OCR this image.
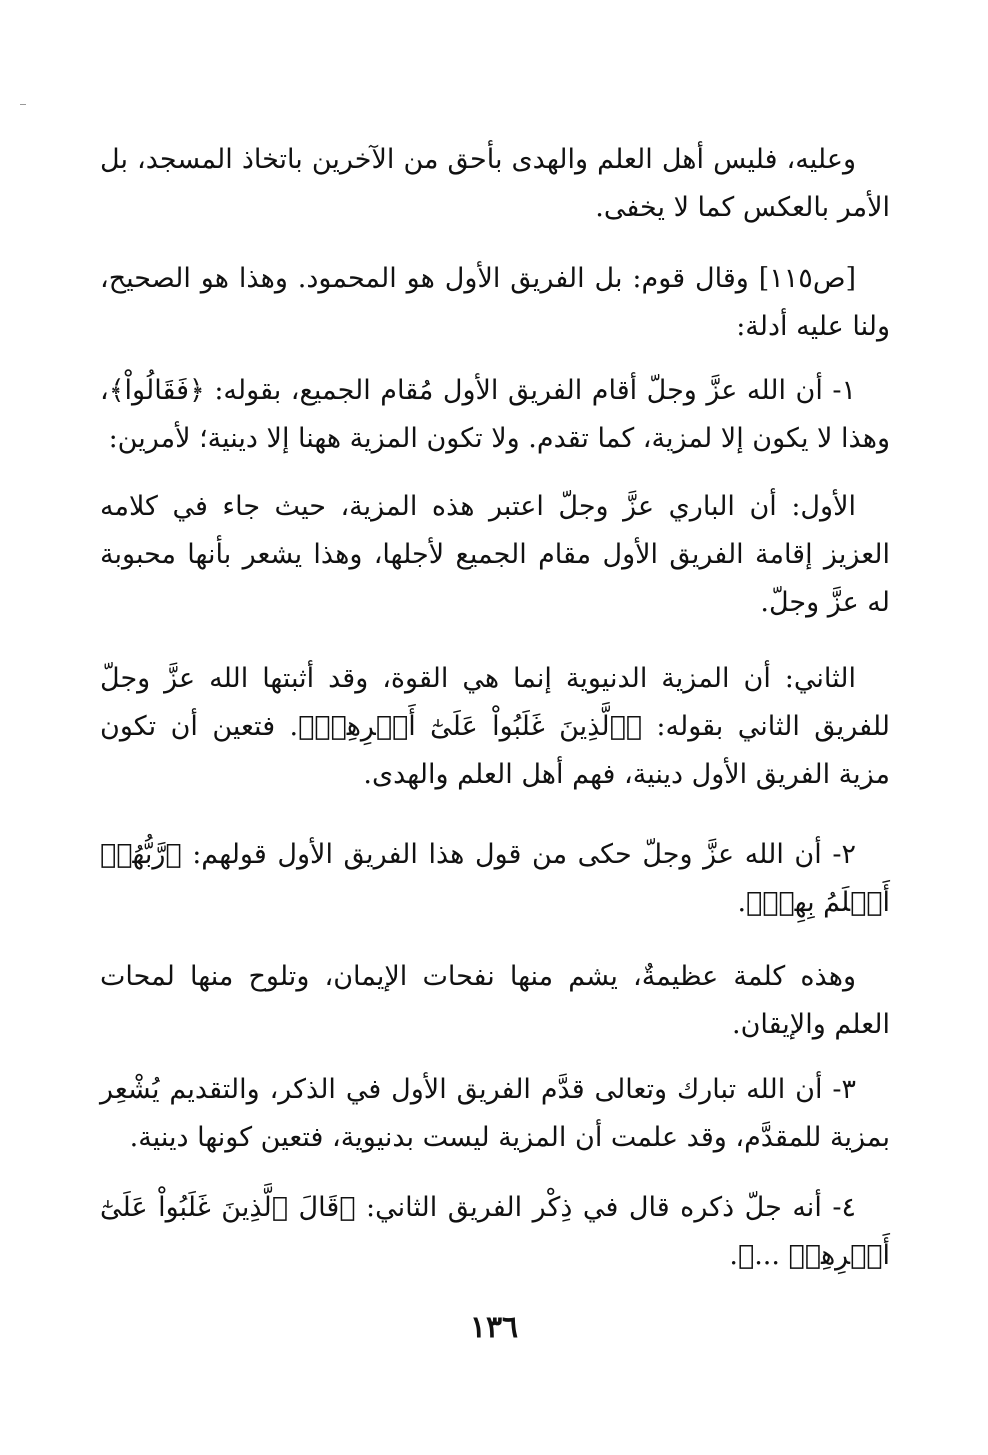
وعليه، فليس أهل العلم والهدى بأحق من الآخرين باتخاذ المسجد، بل الأمر بالعكس كما لا يخفى.

[ص١١٥] وقال قوم: بل الفريق الأول هو المحمود. وهذا هو الصحيح، ولنا عليه أدلة:

١- أن الله عزَّ وجلّ أقام الفريق الأول مُقام الجميع، بقوله: ﴿فَقَالُواْ﴾، وهذا لا يكون إلا لمزية، كما تقدم. ولا تكون المزية ههنا إلا دينية؛ لأمرين:

الأول: أن الباري عزَّ وجلّ اعتبر هذه المزية، حيث جاء في كلامه العزيز إقامة الفريق الأول مقام الجميع لأجلها، وهذا يشعر بأنها محبوبة له عزَّ وجلّ.

الثاني: أن المزية الدنيوية إنما هي القوة، وقد أثبتها الله عزَّ وجلّ للفريق الثاني بقوله: ﴿ٱلَّذِينَ غَلَبُواْ عَلَىٰٓ أَمۡرِهِمۡ﴾. فتعين أن تكون مزية الفريق الأول دينية، فهم أهل العلم والهدى.

٢- أن الله عزَّ وجلّ حكى من قول هذا الفريق الأول قولهم: ﴿رَّبُّهُمۡ أَعۡلَمُ بِهِمۡ﴾.

وهذه كلمة عظيمةٌ، يشم منها نفحات الإيمان، وتلوح منها لمحات العلم والإيقان.

٣- أن الله تبارك وتعالى قدَّم الفريق الأول في الذكر، والتقديم يُشْعِر بمزية للمقدَّم، وقد علمت أن المزية ليست بدنيوية، فتعين كونها دينية.

٤- أنه جلّ ذكره قال في ذِكْر الفريق الثاني: ﴿قَالَ ٱلَّذِينَ غَلَبُواْ عَلَىٰٓ أَمۡرِهِمۡ ...﴾.

١٣٦
